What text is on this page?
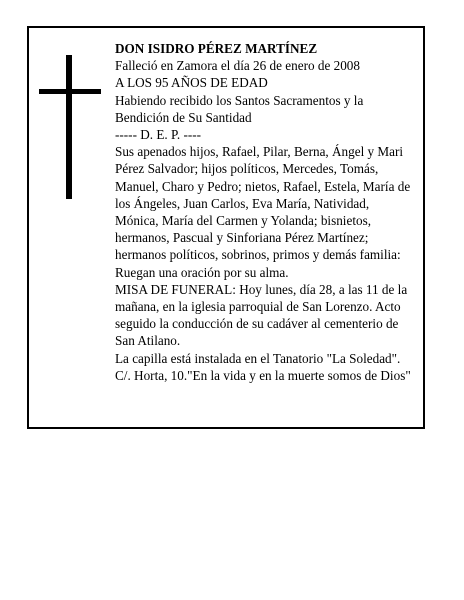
DON ISIDRO PÉREZ MARTÍNEZ
Falleció en Zamora el día 26 de enero de 2008
A LOS 95 AÑOS DE EDAD
Habiendo recibido los Santos Sacramentos y la
Bendición de Su Santidad
----- D. E. P. ----
Sus apenados hijos, Rafael, Pilar, Berna, Ángel y Mari
Pérez Salvador; hijos políticos, Mercedes, Tomás,
Manuel, Charo y Pedro; nietos, Rafael, Estela, María de
los Ángeles, Juan Carlos, Eva María, Natividad,
Mónica, María del Carmen y Yolanda; bisnietos,
hermanos, Pascual y Sinforiana Pérez Martínez;
hermanos políticos, sobrinos, primos y demás familia:
Ruegan una oración por su alma.
MISA DE FUNERAL: Hoy lunes, día 28, a las 11 de la
mañana, en la iglesia parroquial de San Lorenzo. Acto
seguido la conducción de su cadáver al cementerio de
San Atilano.
La capilla está instalada en el Tanatorio "La Soledad".
C/. Horta, 10."En la vida y en la muerte somos de Dios"
